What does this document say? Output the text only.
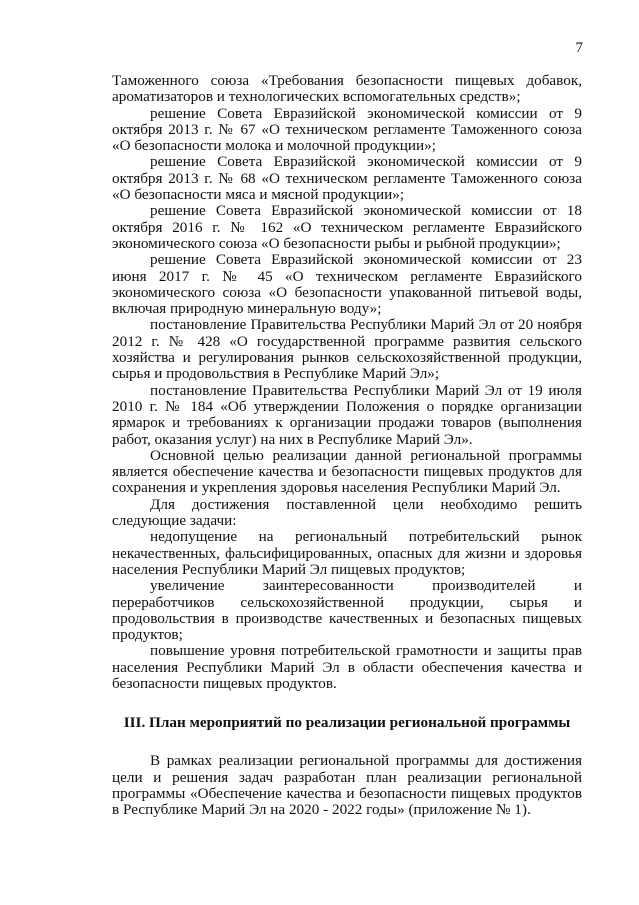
7

Таможенного союза «Требования безопасности пищевых добавок, ароматизаторов и технологических вспомогательных средств»;

решение Совета Евразийской экономической комиссии от 9 октября 2013 г. № 67 «О техническом регламенте Таможенного союза «О безопасности молока и молочной продукции»;

решение Совета Евразийской экономической комиссии от 9 октября 2013 г. № 68 «О техническом регламенте Таможенного союза «О безопасности мяса и мясной продукции»;

решение Совета Евразийской экономической комиссии от 18 октября 2016 г. № 162 «О техническом регламенте Евразийского экономического союза «О безопасности рыбы и рыбной продукции»;

решение Совета Евразийской экономической комиссии от 23 июня 2017 г. № 45 «О техническом регламенте Евразийского экономического союза «О безопасности упакованной питьевой воды, включая природную минеральную воду»;

постановление Правительства Республики Марий Эл от 20 ноября 2012 г. № 428 «О государственной программе развития сельского хозяйства и регулирования рынков сельскохозяйственной продукции, сырья и продовольствия в Республике Марий Эл»;

постановление Правительства Республики Марий Эл от 19 июля 2010 г. № 184 «Об утверждении Положения о порядке организации ярмарок и требованиях к организации продажи товаров (выполнения работ, оказания услуг) на них в Республике Марий Эл».

Основной целью реализации данной региональной программы является обеспечение качества и безопасности пищевых продуктов для сохранения и укрепления здоровья населения Республики Марий Эл.

Для достижения поставленной цели необходимо решить следующие задачи:

недопущение на региональный потребительский рынок некачественных, фальсифицированных, опасных для жизни и здоровья населения Республики Марий Эл пищевых продуктов;

увеличение заинтересованности производителей и переработчиков сельскохозяйственной продукции, сырья и продовольствия в производстве качественных и безопасных пищевых продуктов;

повышение уровня потребительской грамотности и защиты прав населения Республики Марий Эл в области обеспечения качества и безопасности пищевых продуктов.

III. План мероприятий по реализации региональной программы

В рамках реализации региональной программы для достижения цели и решения задач разработан план реализации региональной программы «Обеспечение качества и безопасности пищевых продуктов в Республике Марий Эл на 2020 - 2022 годы» (приложение № 1).
